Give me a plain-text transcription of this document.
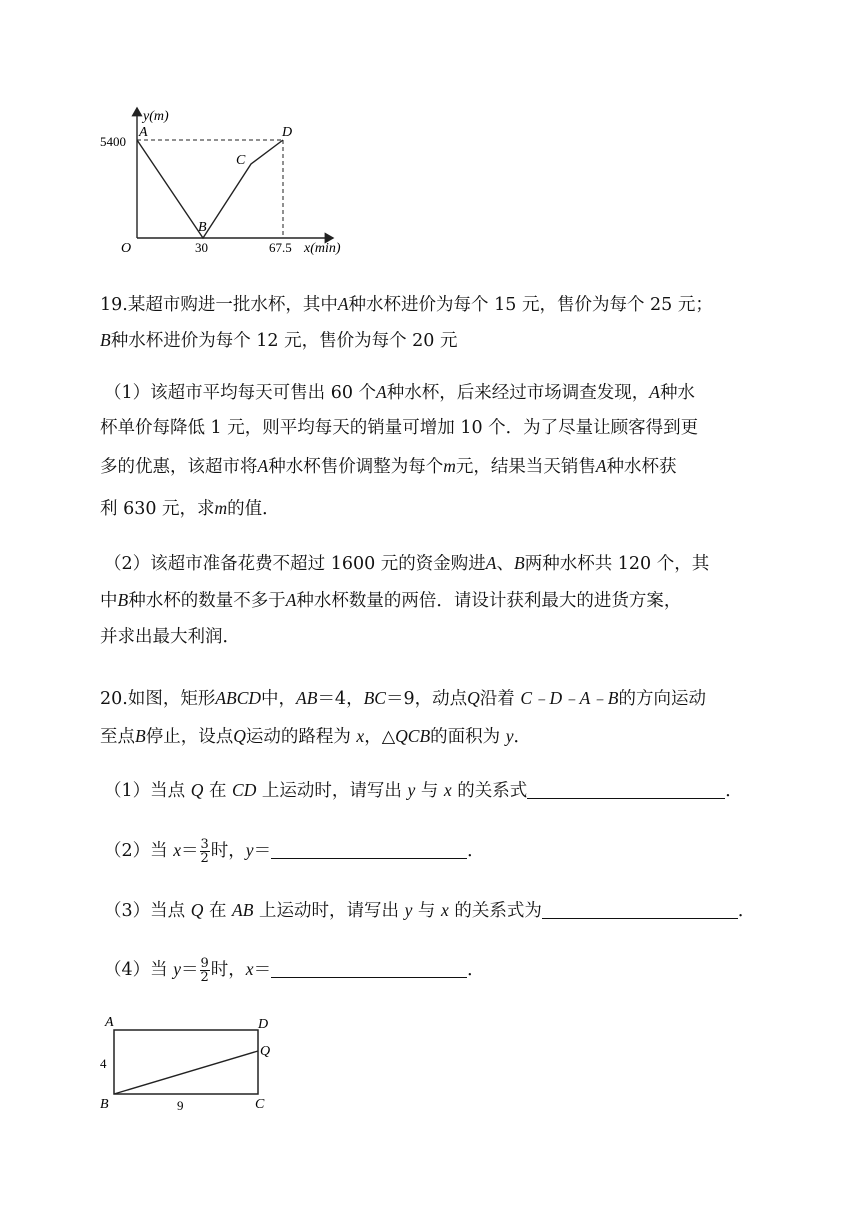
y(m)
5400
A
B
C
D
O	30	67.5 x(min)
19.某超市购进一批水杯，其中A种水杯进价为每个 15 元，售价为每个 25 元；
B种水杯进价为每个 12 元，售价为每个 20 元
（1）该超市平均每天可售出 60 个A种水杯，后来经过市场调查发现，A种水
杯单价每降低 1 元，则平均每天的销量可增加 10 个．为了尽量让顾客得到更
多的优惠，该超市将A种水杯售价调整为每个m元，结果当天销售A种水杯获
利 630 元，求m的值．
（2）该超市准备花费不超过 1600 元的资金购进A、B两种水杯共 120 个，其
中B种水杯的数量不多于A种水杯数量的两倍．请设计获利最大的进货方案，
并求出最大利润．
20.如图，矩形ABCD中，AB＝4，BC＝9，动点Q沿着 C﹣D﹣A﹣B的方向运动
至点B停止，设点Q运动的路程为 x，△QCB的面积为 y．
（1）当点 Q 在 CD 上运动时，请写出 y 与 x 的关系式	．
（2）当 $x= \frac{3}{2}$ 时，y＝	．
（3）当点 Q 在 AB 上运动时，请写出 y 与 x 的关系式为	．
（4）当 $y= \frac{9}{2}$ 时，x＝	．
A	D
Q
B	C
4
9
